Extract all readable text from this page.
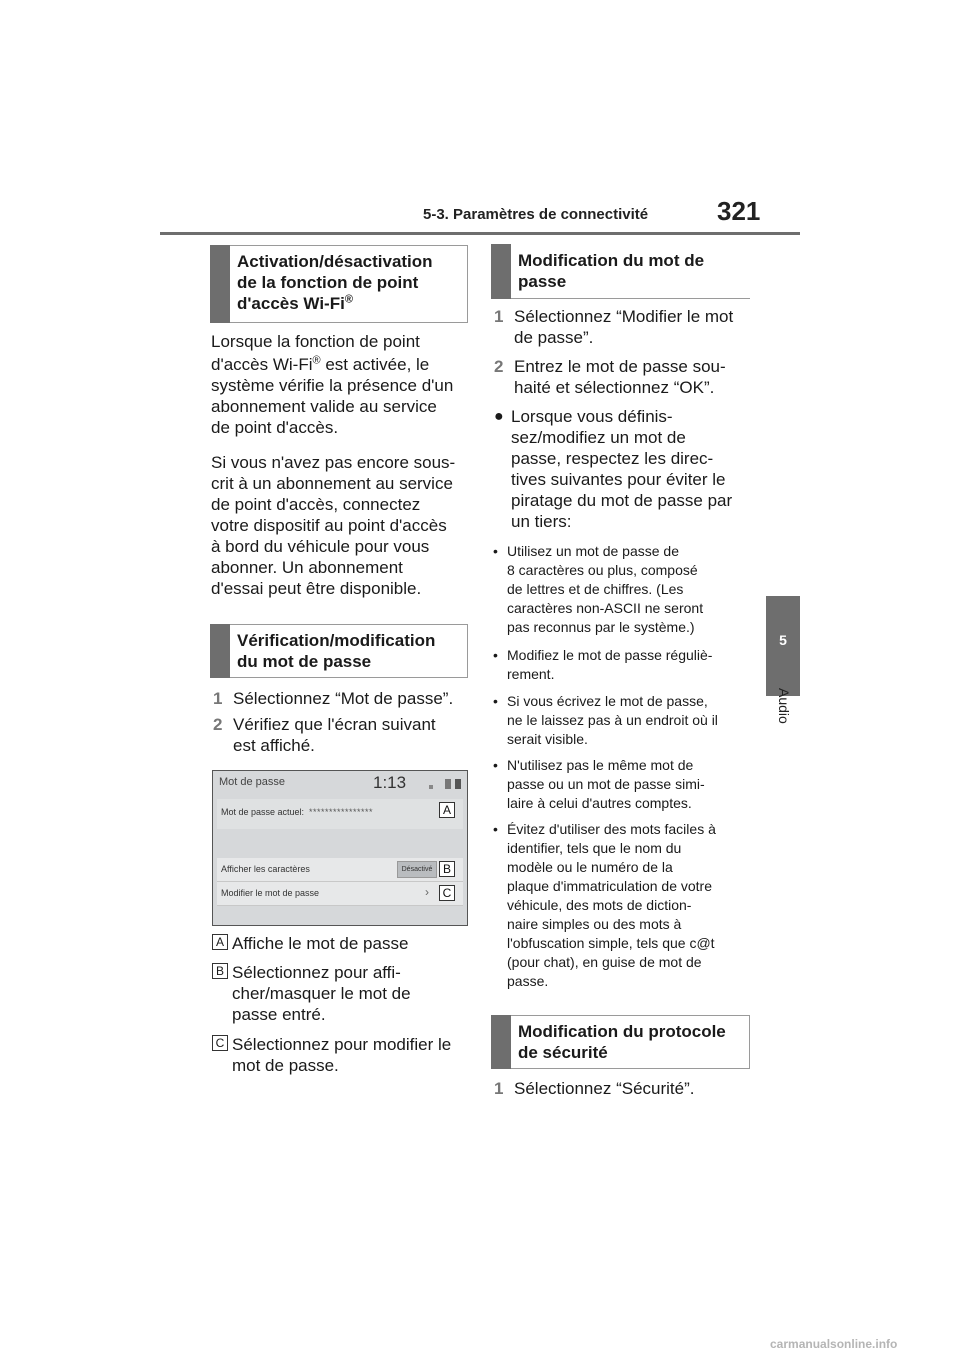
5-3. Paramètres de connectivité	321
5
Audio
Activation/désactivation
de la fonction de point
d'accès Wi-Fi®
Lorsque la fonction de point
d'accès Wi-Fi® est activée, le
système vérifie la présence d'un
abonnement valide au service
de point d'accès.
Si vous n'avez pas encore sous-
crit à un abonnement au service
de point d'accès, connectez
votre dispositif au point d'accès
à bord du véhicule pour vous
abonner. Un abonnement
d'essai peut être disponible.
Vérification/modification
du mot de passe
1 Sélectionnez “Mot de passe”.
2 Vérifiez que l'écran suivant
est affiché.
Mot de passe	1:13
Mot de passe actuel: ****************	A
Afficher les caractères	Désactivé B
Modifier le mot de passe	›	C
A Affiche le mot de passe
B Sélectionnez pour affi-
cher/masquer le mot de
passe entré.
C Sélectionnez pour modifier le
mot de passe.
Modification du mot de
passe
1 Sélectionnez “Modifier le mot
de passe”.
2 Entrez le mot de passe sou-
haité et sélectionnez “OK”.
● Lorsque vous définis-
sez/modifiez un mot de
passe, respectez les direc-
tives suivantes pour éviter le
piratage du mot de passe par
un tiers:
• Utilisez un mot de passe de
8 caractères ou plus, composé
de lettres et de chiffres. (Les
caractères non-ASCII ne seront
pas reconnus par le système.)
• Modifiez le mot de passe réguliè-
rement.
• Si vous écrivez le mot de passe,
ne le laissez pas à un endroit où il
serait visible.
• N'utilisez pas le même mot de
passe ou un mot de passe simi-
laire à celui d'autres comptes.
• Évitez d'utiliser des mots faciles à
identifier, tels que le nom du
modèle ou le numéro de la
plaque d'immatriculation de votre
véhicule, des mots de diction-
naire simples ou des mots à
l'obfuscation simple, tels que c@t
(pour chat), en guise de mot de
passe.
Modification du protocole
de sécurité
1 Sélectionnez “Sécurité”.
carmanualsonline.info
